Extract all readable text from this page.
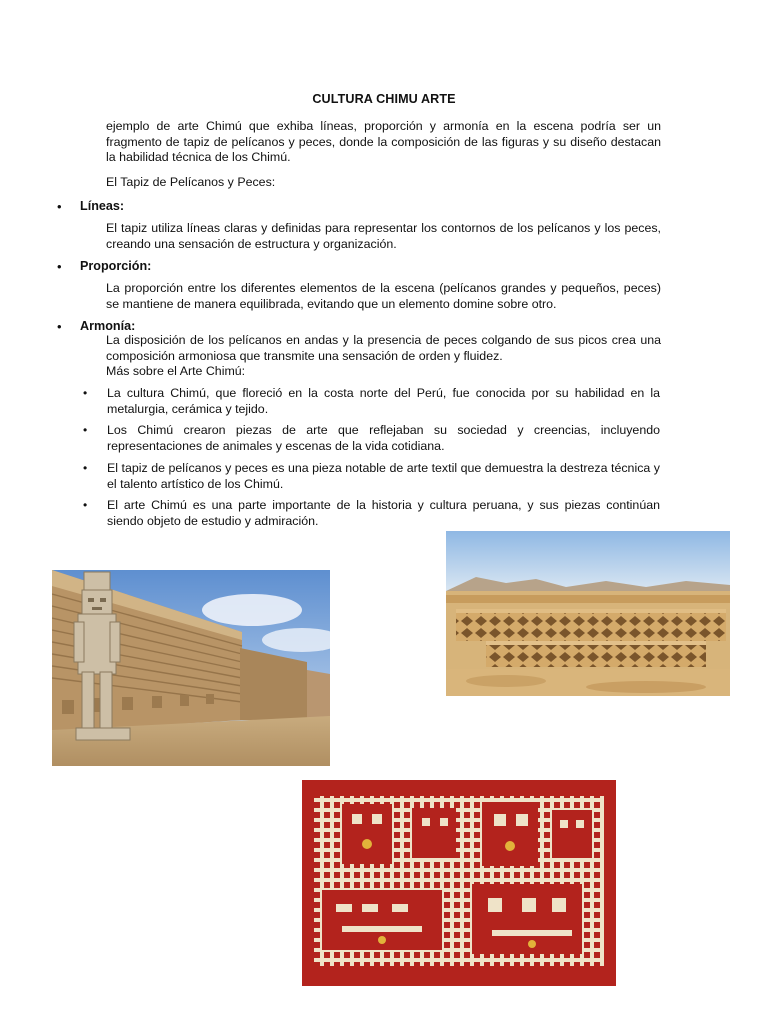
CULTURA CHIMU ARTE

ejemplo de arte Chimú que exhiba líneas, proporción y armonía en la escena podría ser un fragmento de tapiz de pelícanos y peces, donde la composición de las figuras y su diseño destacan la habilidad técnica de los Chimú.

El Tapiz de Pelícanos y Peces:

• Líneas:

El tapiz utiliza líneas claras y definidas para representar los contornos de los pelícanos y los peces, creando una sensación de estructura y organización.

• Proporción:

La proporción entre los diferentes elementos de la escena (pelícanos grandes y pequeños, peces) se mantiene de manera equilibrada, evitando que un elemento domine sobre otro.

• Armonía:

La disposición de los pelícanos en andas y la presencia de peces colgando de sus picos crea una composición armoniosa que transmite una sensación de orden y fluidez.

Más sobre el Arte Chimú:

• La cultura Chimú, que floreció en la costa norte del Perú, fue conocida por su habilidad en la metalurgia, cerámica y tejido.
• Los Chimú crearon piezas de arte que reflejaban su sociedad y creencias, incluyendo representaciones de animales y escenas de la vida cotidiana.
• El tapiz de pelícanos y peces es una pieza notable de arte textil que demuestra la destreza técnica y el talento artístico de los Chimú.
• El arte Chimú es una parte importante de la historia y cultura peruana, y sus piezas continúan siendo objeto de estudio y admiración.
